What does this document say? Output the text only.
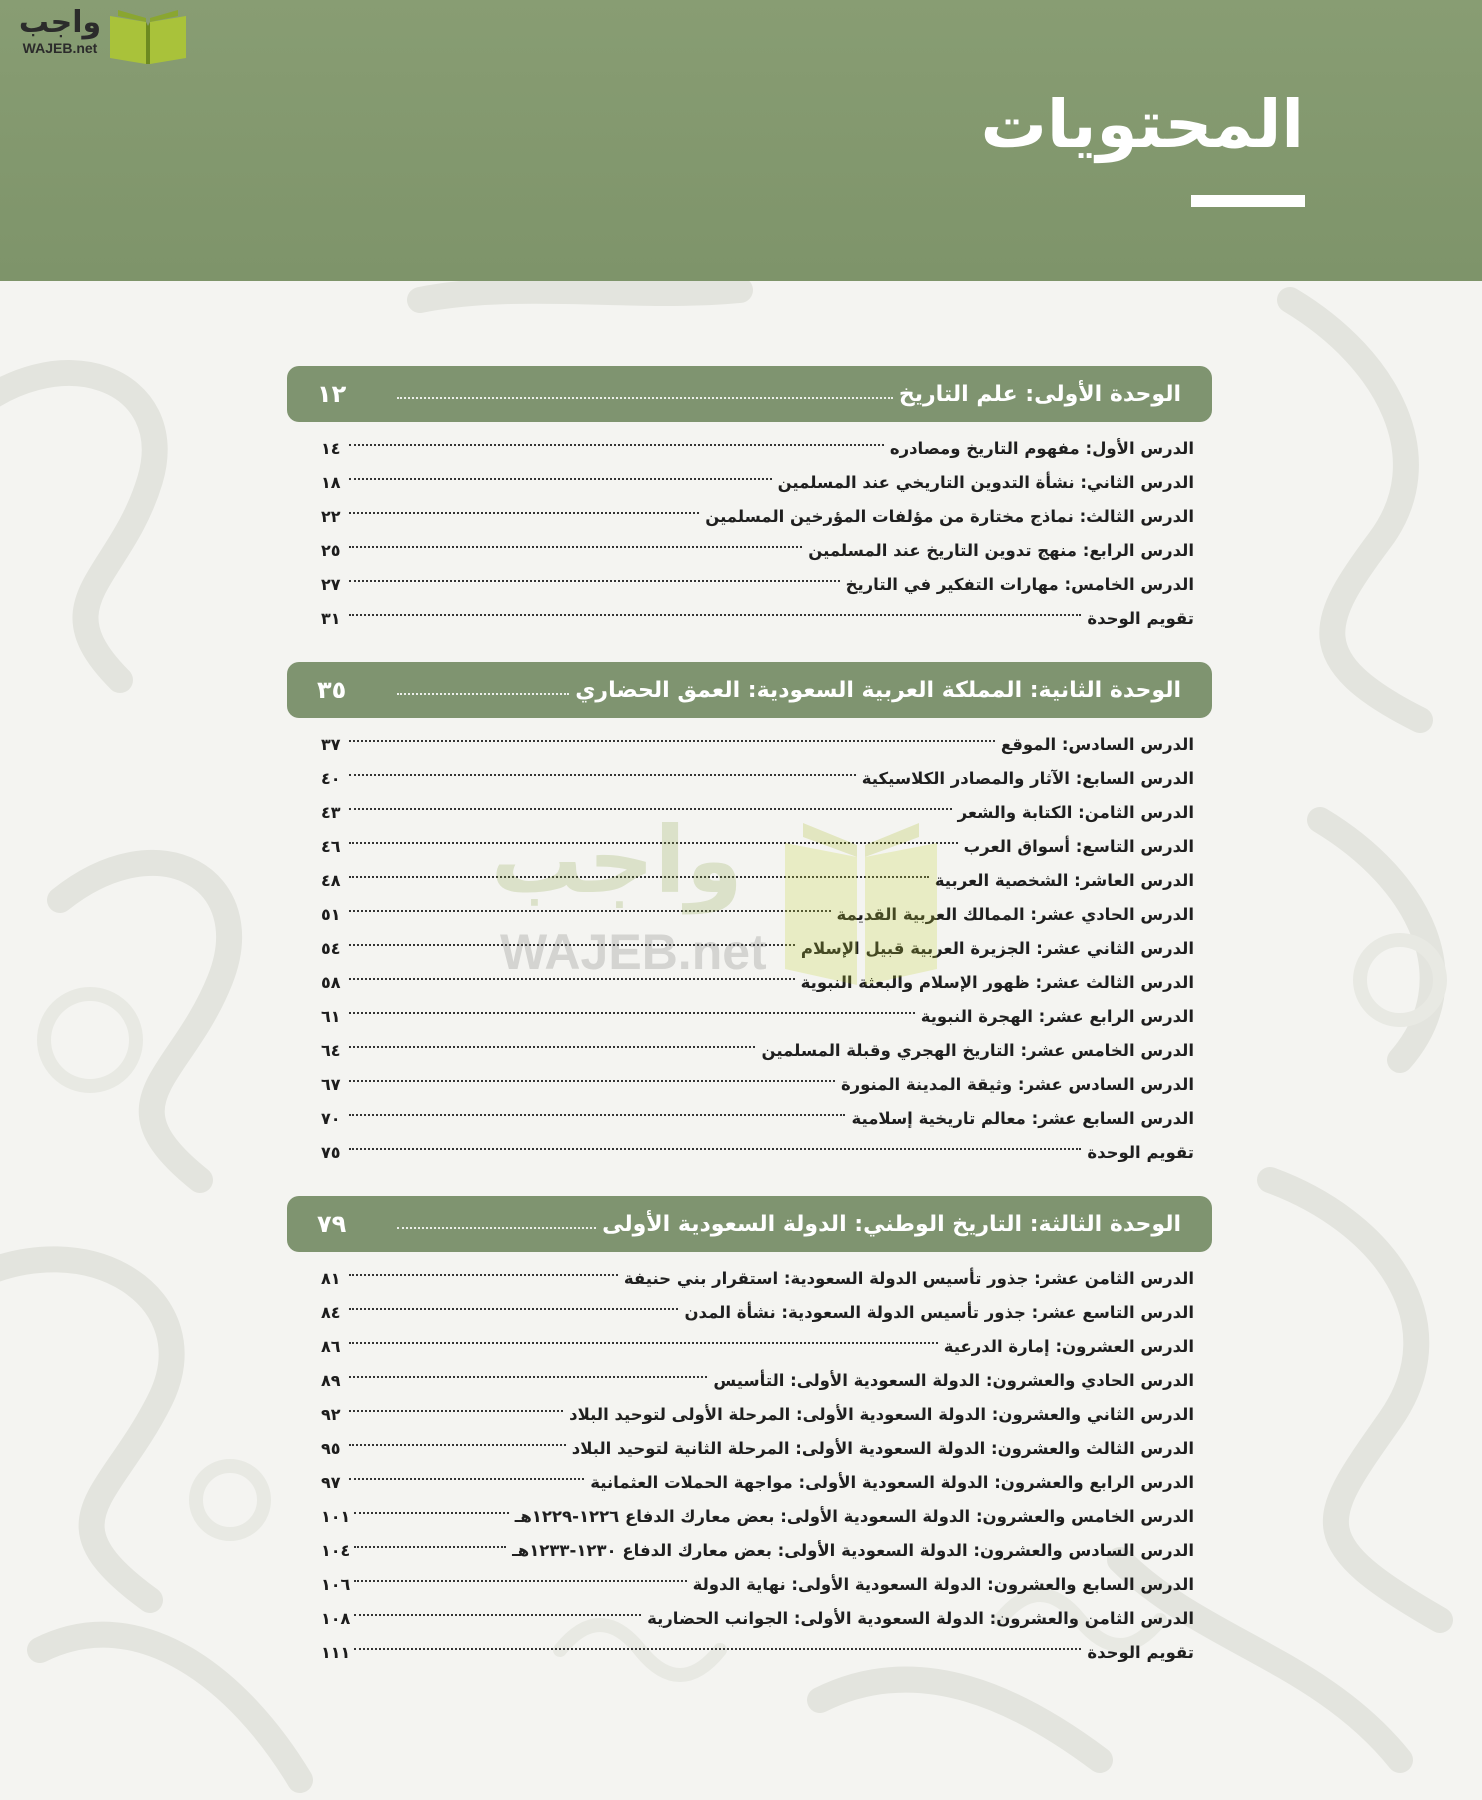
واجب
WAJEB.net
المحتويات
الوحدة الأولى: علم التاريخ
١٢
الدرس الأول: مفهوم التاريخ ومصادره
١٤
الدرس الثاني: نشأة التدوين التاريخي عند المسلمين
١٨
الدرس الثالث: نماذج مختارة من مؤلفات المؤرخين المسلمين
٢٢
الدرس الرابع: منهج تدوين التاريخ عند المسلمين
٢٥
الدرس الخامس: مهارات التفكير في التاريخ
٢٧
تقويم الوحدة
٣١
الوحدة الثانية: المملكة العربية السعودية: العمق الحضاري
٣٥
الدرس السادس: الموقع
٣٧
الدرس السابع: الآثار والمصادر الكلاسيكية
٤٠
الدرس الثامن: الكتابة والشعر
٤٣
الدرس التاسع: أسواق العرب
٤٦
الدرس العاشر: الشخصية العربية
٤٨
الدرس الحادي عشر: الممالك العربية القديمة
٥١
الدرس الثاني عشر: الجزيرة العربية قبيل الإسلام
٥٤
الدرس الثالث عشر: ظهور الإسلام والبعثة النبوية
٥٨
الدرس الرابع عشر: الهجرة النبوية
٦١
الدرس الخامس عشر: التاريخ الهجري وقبلة المسلمين
٦٤
الدرس السادس عشر: وثيقة المدينة المنورة
٦٧
الدرس السابع عشر: معالم تاريخية إسلامية
٧٠
تقويم الوحدة
٧٥
الوحدة الثالثة: التاريخ الوطني: الدولة السعودية الأولى
٧٩
الدرس الثامن عشر: جذور تأسيس الدولة السعودية: استقرار بني حنيفة
٨١
الدرس التاسع عشر: جذور تأسيس الدولة السعودية: نشأة المدن
٨٤
الدرس العشرون: إمارة الدرعية
٨٦
الدرس الحادي والعشرون: الدولة السعودية الأولى: التأسيس
٨٩
الدرس الثاني والعشرون: الدولة السعودية الأولى: المرحلة الأولى لتوحيد البلاد
٩٢
الدرس الثالث والعشرون: الدولة السعودية الأولى: المرحلة الثانية لتوحيد البلاد
٩٥
الدرس الرابع والعشرون: الدولة السعودية الأولى: مواجهة الحملات العثمانية
٩٧
الدرس الخامس والعشرون: الدولة السعودية الأولى: بعض معارك الدفاع ١٢٢٦-١٢٢٩هـ
١٠١
الدرس السادس والعشرون: الدولة السعودية الأولى: بعض معارك الدفاع ١٢٣٠-١٢٣٣هـ
١٠٤
الدرس السابع والعشرون: الدولة السعودية الأولى: نهاية الدولة
١٠٦
الدرس الثامن والعشرون: الدولة السعودية الأولى: الجوانب الحضارية
١٠٨
تقويم الوحدة
١١١
واجب
WAJEB.net
